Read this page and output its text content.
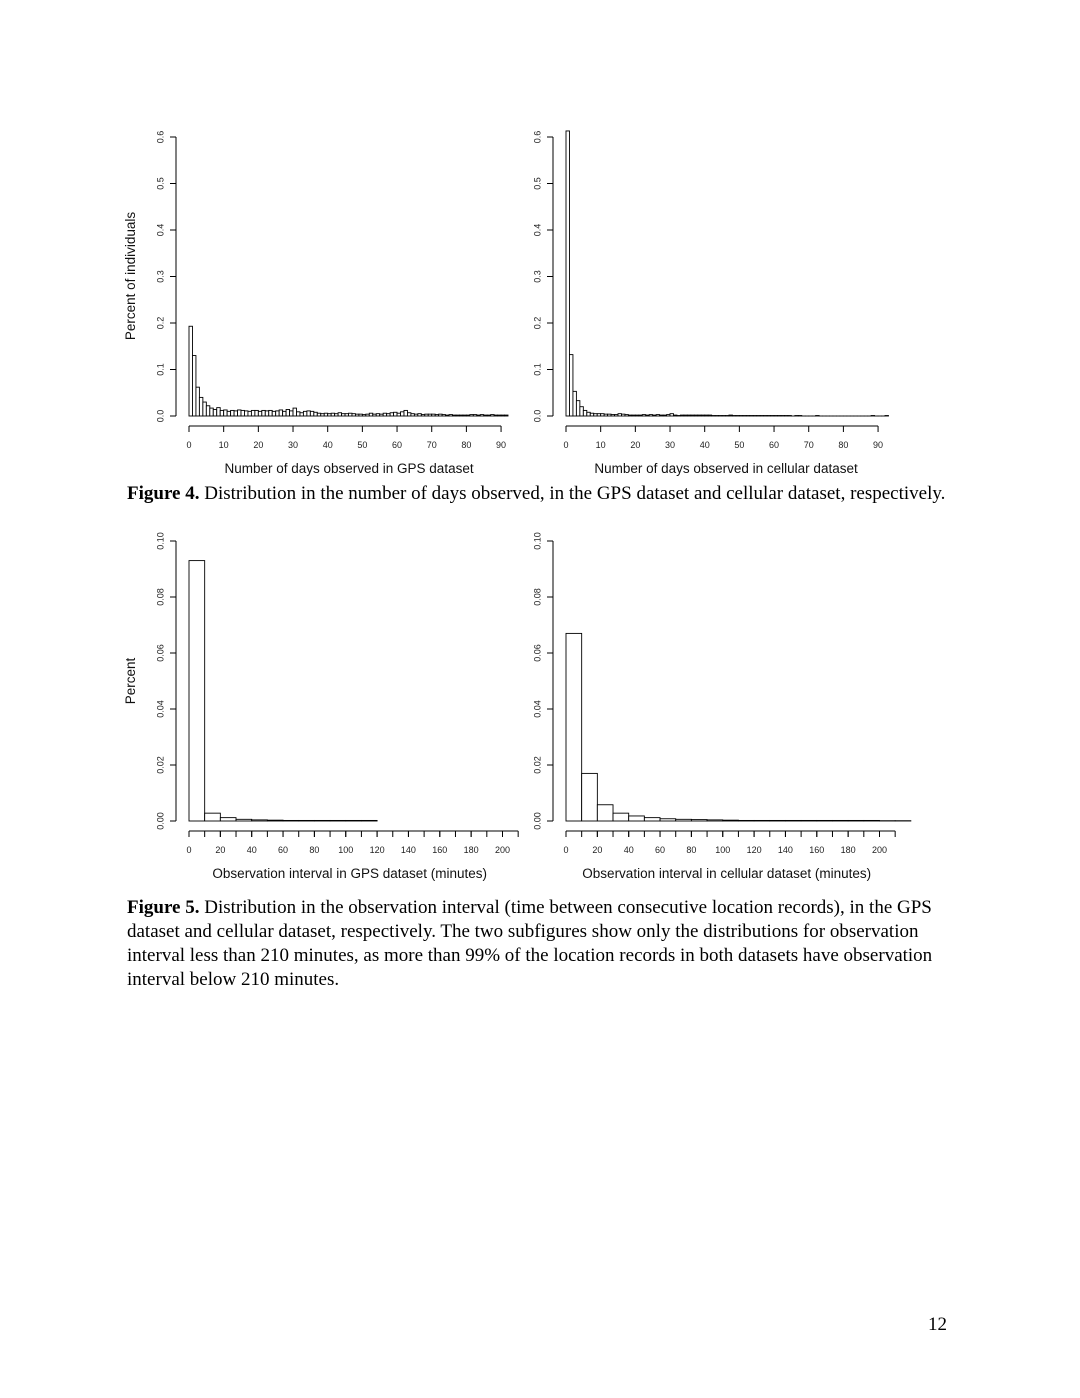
0.0
0.1
0.2
0.3
0.4
0.5
0.6
0	10	20	30	40	50	60	70	80	90
Number of days observed in GPS dataset
Percent of individuals
0.0
0.1
0.2
0.3
0.4
0.5
0.6
0	10	20	30	40	50	60	70	80	90
Number of days observed in cellular dataset
Figure 4. Distribution in the number of days observed, in the GPS dataset and cellular dataset, respectively.
0.00
0.02
0.04
0.06
0.08
0.10
0	20 40 60 80 100 120 140 160 180 200
Observation interval in GPS dataset (minutes)
Percent
0.00
0.02
0.04
0.06
0.08
0.10
0	20 40 60 80 100 120 140 160 180 200
Observation interval in cellular dataset (minutes)
Figure 5. Distribution in the observation interval (time between consecutive location records), in the GPS dataset and cellular dataset, respectively. The two subfigures show only the distributions for observation interval less than 210 minutes, as more than 99% of the location records in both datasets have observation interval below 210 minutes.
12
